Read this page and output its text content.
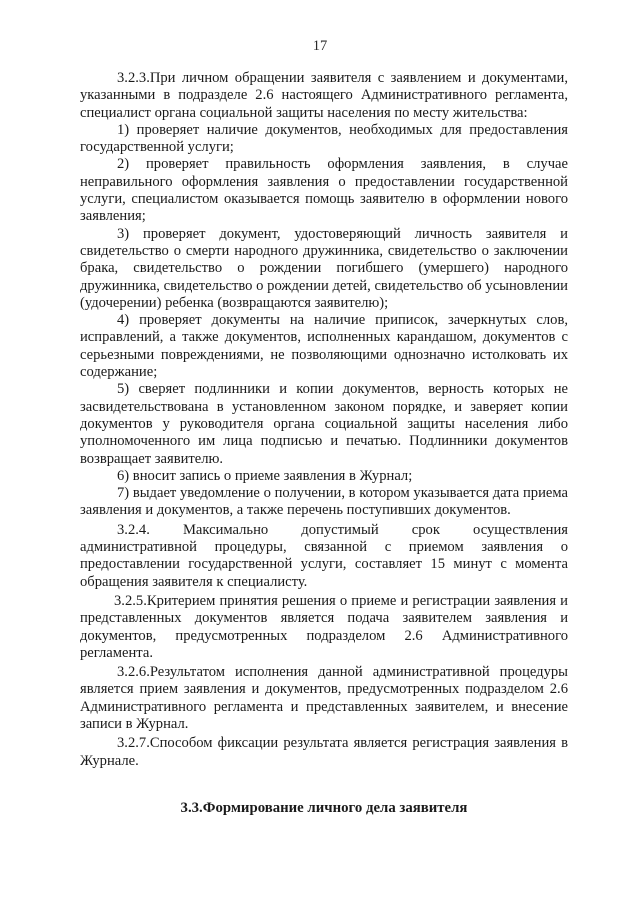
17

3.2.3.При личном обращении заявителя с заявлением и документами, указанными в подразделе 2.6 настоящего Административного регламента, специалист органа социальной защиты населения по месту жительства:

1) проверяет наличие документов, необходимых для предоставления государственной услуги;

2) проверяет правильность оформления заявления, в случае неправильного оформления заявления о предоставлении государственной услуги, специалистом оказывается помощь заявителю в оформлении нового заявления;

3) проверяет документ, удостоверяющий личность заявителя и свидетельство о смерти народного дружинника, свидетельство о заключении брака, свидетельство о рождении погибшего (умершего) народного дружинника, свидетельство о рождении детей, свидетельство об усыновлении (удочерении) ребенка (возвращаются заявителю);

4) проверяет документы на наличие приписок, зачеркнутых слов, исправлений, а также документов, исполненных карандашом, документов с серьезными повреждениями, не позволяющими однозначно истолковать их содержание;

5) сверяет подлинники и копии документов, верность которых не засвидетельствована в установленном законом порядке, и заверяет копии документов у руководителя органа социальной защиты населения либо уполномоченного им лица подписью и печатью. Подлинники документов возвращает заявителю.

6) вносит запись о приеме заявления в Журнал;

7) выдает уведомление о получении, в котором указывается дата приема заявления и документов, а также перечень поступивших документов.

3.2.4. Максимально допустимый срок осуществления административной процедуры, связанной с приемом заявления о предоставлении государственной услуги, составляет 15 минут с момента обращения заявителя к специалисту.

3.2.5.Критерием принятия решения о приеме и регистрации заявления и представленных документов является подача заявителем заявления и документов, предусмотренных подразделом 2.6 Административного регламента.

3.2.6.Результатом исполнения данной административной процедуры является прием заявления и документов, предусмотренных подразделом 2.6 Административного регламента и представленных заявителем, и внесение записи в Журнал.

3.2.7.Способом фиксации результата является регистрация заявления в Журнале.

3.3.Формирование личного дела заявителя
